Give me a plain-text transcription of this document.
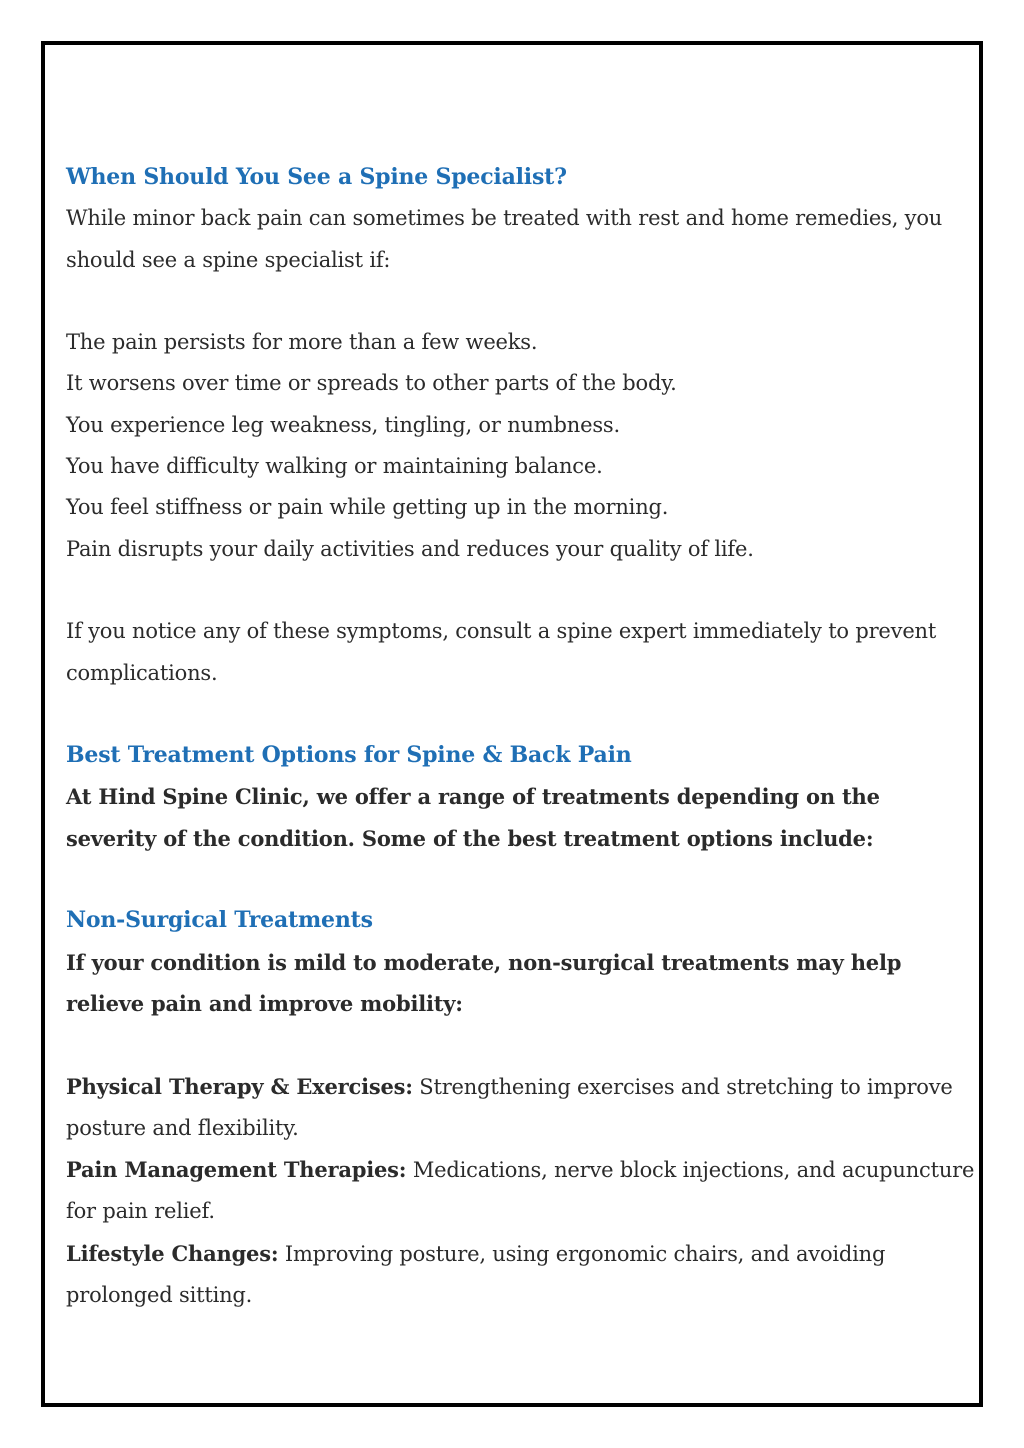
When Should You See a Spine Specialist?

While minor back pain can sometimes be treated with rest and home remedies, you should see a spine specialist if:

The pain persists for more than a few weeks.
It worsens over time or spreads to other parts of the body.
You experience leg weakness, tingling, or numbness.
You have difficulty walking or maintaining balance.
You feel stiffness or pain while getting up in the morning.
Pain disrupts your daily activities and reduces your quality of life.

If you notice any of these symptoms, consult a spine expert immediately to prevent complications.

Best Treatment Options for Spine & Back Pain

At Hind Spine Clinic, we offer a range of treatments depending on the severity of the condition. Some of the best treatment options include:

Non-Surgical Treatments

If your condition is mild to moderate, non-surgical treatments may help relieve pain and improve mobility:

Physical Therapy & Exercises: Strengthening exercises and stretching to improve posture and flexibility.
Pain Management Therapies: Medications, nerve block injections, and acupuncture for pain relief.
Lifestyle Changes: Improving posture, using ergonomic chairs, and avoiding prolonged sitting.
